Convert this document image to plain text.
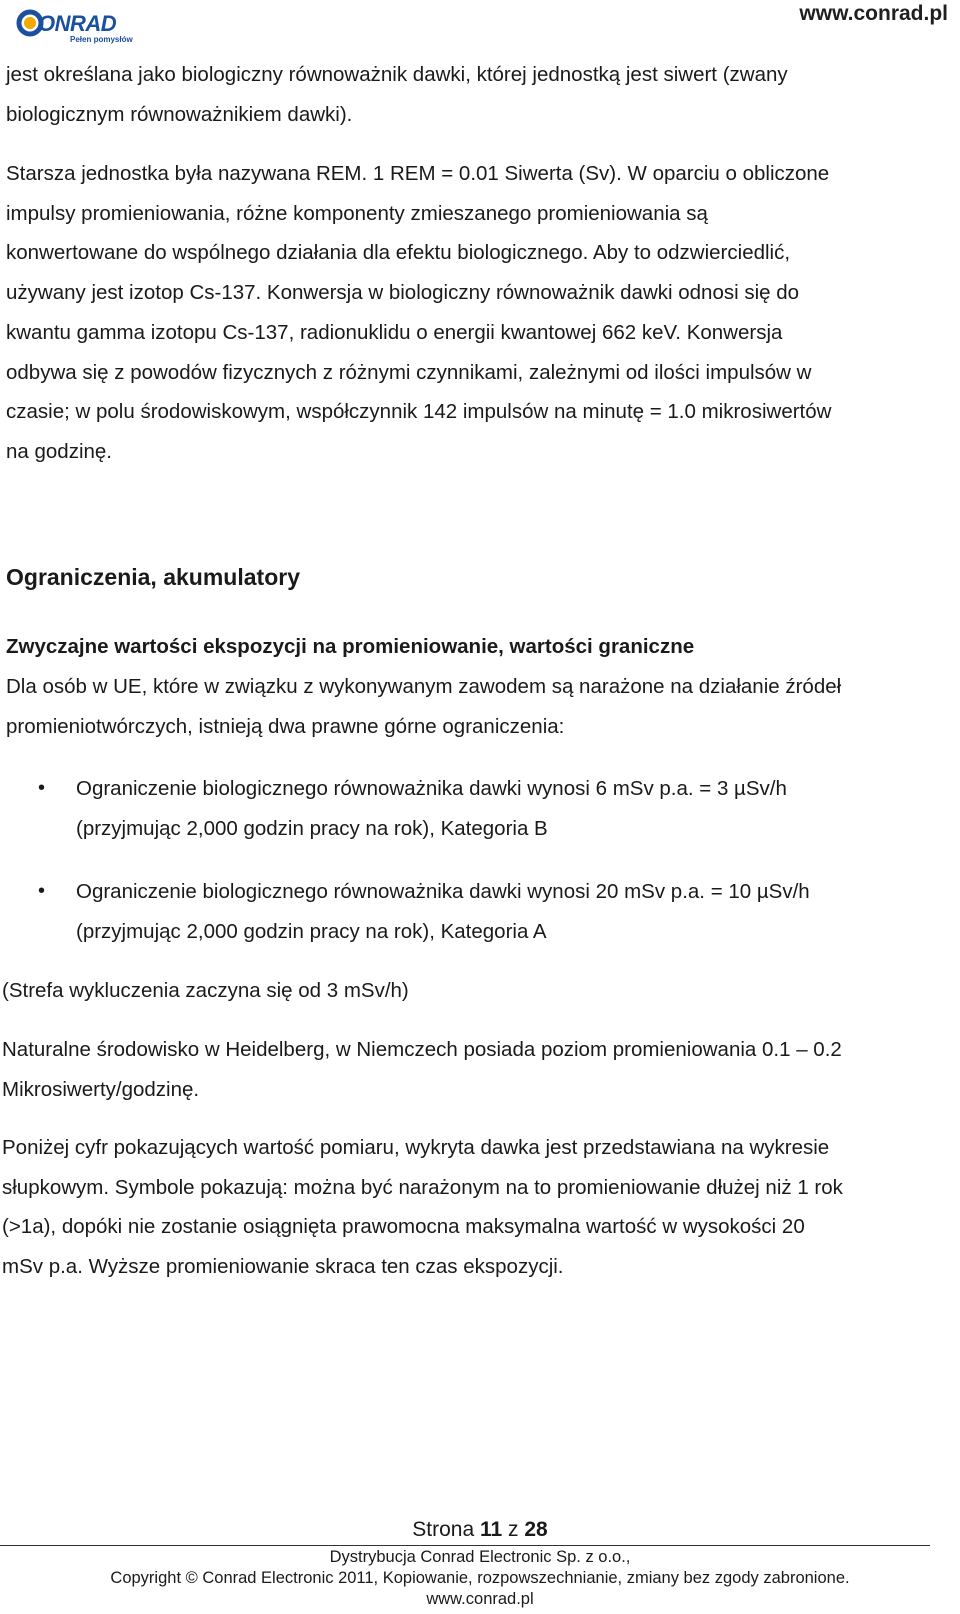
ONRAD
Pełen pomysłów
www.conrad.pl

jest określana jako biologiczny równoważnik dawki, której jednostką jest siwert (zwany
biologicznym równoważnikiem dawki).

Starsza jednostka była nazywana REM. 1 REM = 0.01 Siwerta (Sv). W oparciu o obliczone
impulsy promieniowania, różne komponenty zmieszanego promieniowania są
konwertowane do wspólnego działania dla efektu biologicznego. Aby to odzwierciedlić,
używany jest izotop Cs-137. Konwersja w biologiczny równoważnik dawki odnosi się do
kwantu gamma izotopu Cs-137, radionuklidu o energii kwantowej 662 keV. Konwersja
odbywa się z powodów fizycznych z różnymi czynnikami, zależnymi od ilości impulsów w
czasie; w polu środowiskowym, współczynnik 142 impulsów na minutę = 1.0 mikrosiwertów
na godzinę.

Ograniczenia, akumulatory
Zwyczajne wartości ekspozycji na promieniowanie, wartości graniczne

Dla osób w UE, które w związku z wykonywanym zawodem są narażone na działanie źródeł
promieniotwórczych, istnieją dwa prawne górne ograniczenia:

• Ograniczenie biologicznego równoważnika dawki wynosi 6 mSv p.a. = 3 µSv/h
(przyjmując 2,000 godzin pracy na rok), Kategoria B
• Ograniczenie biologicznego równoważnika dawki wynosi 20 mSv p.a. = 10 µSv/h
(przyjmując 2,000 godzin pracy na rok), Kategoria A

(Strefa wykluczenia zaczyna się od 3 mSv/h)

Naturalne środowisko w Heidelberg, w Niemczech posiada poziom promieniowania 0.1 – 0.2
Mikrosiwerty/godzinę.

Poniżej cyfr pokazujących wartość pomiaru, wykryta dawka jest przedstawiana na wykresie
słupkowym. Symbole pokazują: można być narażonym na to promieniowanie dłużej niż 1 rok
(>1a), dopóki nie zostanie osiągnięta prawomocna maksymalna wartość w wysokości 20
mSv p.a. Wyższe promieniowanie skraca ten czas ekspozycji.

Strona 11 z 28
Dystrybucja Conrad Electronic Sp. z o.o.,
Copyright © Conrad Electronic 2011, Kopiowanie, rozpowszechnianie, zmiany bez zgody zabronione.
www.conrad.pl
